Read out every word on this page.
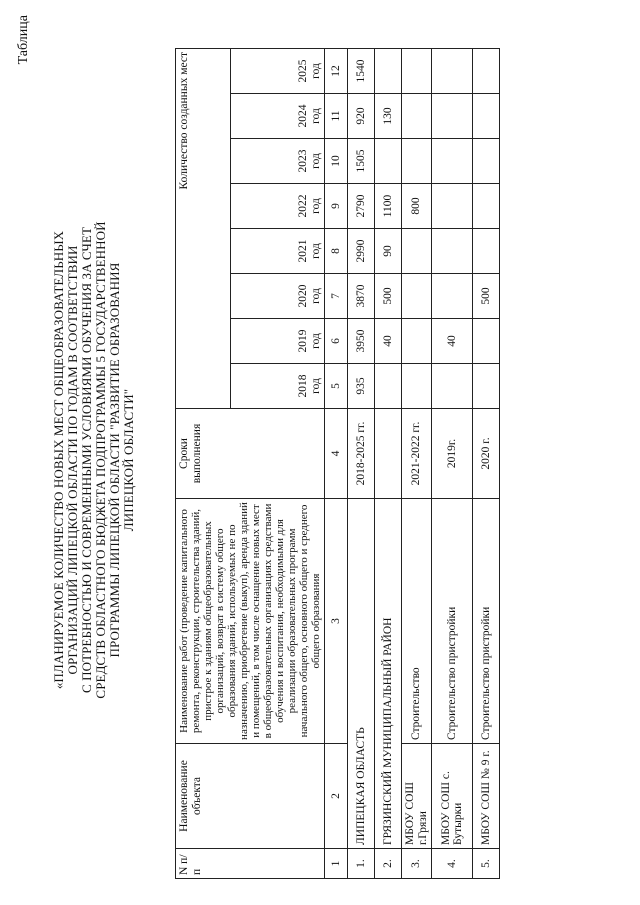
Таблица

«ПЛАНИРУЕМОЕ КОЛИЧЕСТВО НОВЫХ МЕСТ ОБЩЕОБРАЗОВАТЕЛЬНЫХ
ОРГАНИЗАЦИЙ ЛИПЕЦКОЙ ОБЛАСТИ ПО ГОДАМ В СООТВЕТСТВИИ
С ПОТРЕБНОСТЬЮ И СОВРЕМЕННЫМИ УСЛОВИЯМИ ОБУЧЕНИЯ ЗА СЧЕТ
СРЕДСТВ ОБЛАСТНОГО БЮДЖЕТА ПОДПРОГРАММЫ 5 ГОСУДАРСТВЕННОЙ
ПРОГРАММЫ ЛИПЕЦКОЙ ОБЛАСТИ "РАЗВИТИЕ ОБРАЗОВАНИЯ
ЛИПЕЦКОЙ ОБЛАСТИ"

N п/п	Наименование объекта	Наименование работ (проведение капитального ремонта, реконструкции, строительства зданий, пристрое к зданиям общеобразовательных организаций, возврат в систему общего образования зданий, используемых не по назначению, приобретение (выкуп), аренда зданий и помещений, в том числе оснащение новых мест в общеобразовательных организациях средствами обучения и воспитания, необходимыми для реализации образовательных программ начального общего, основного общего и среднего общего образования	Сроки выполнения	Количество созданных мест							
				2018 год	2019 год	2020 год	2021 год	2022 год	2023 год	2024 год	2025 год
1	2	3	4	5	6	7	8	9	10	11	12
1.	ЛИПЕЦКАЯ ОБЛАСТЬ		2018-2025 гг.	935	3950	3870	2990	2790	1505	920	1540
2.	ГРЯЗИНСКИЙ МУНИЦИПАЛЬНЫЙ РАЙОН				40	500	90	1100		130	
3.	МБОУ СОШ г.Грязи	Строительство	2021-2022 гг.					800			
4.	МБОУ СОШ с. Бутырки	Строительство пристройки	2019г.		40						
5.	МБОУ СОШ № 9 г.	Строительство пристройки	2020 г.			500					
